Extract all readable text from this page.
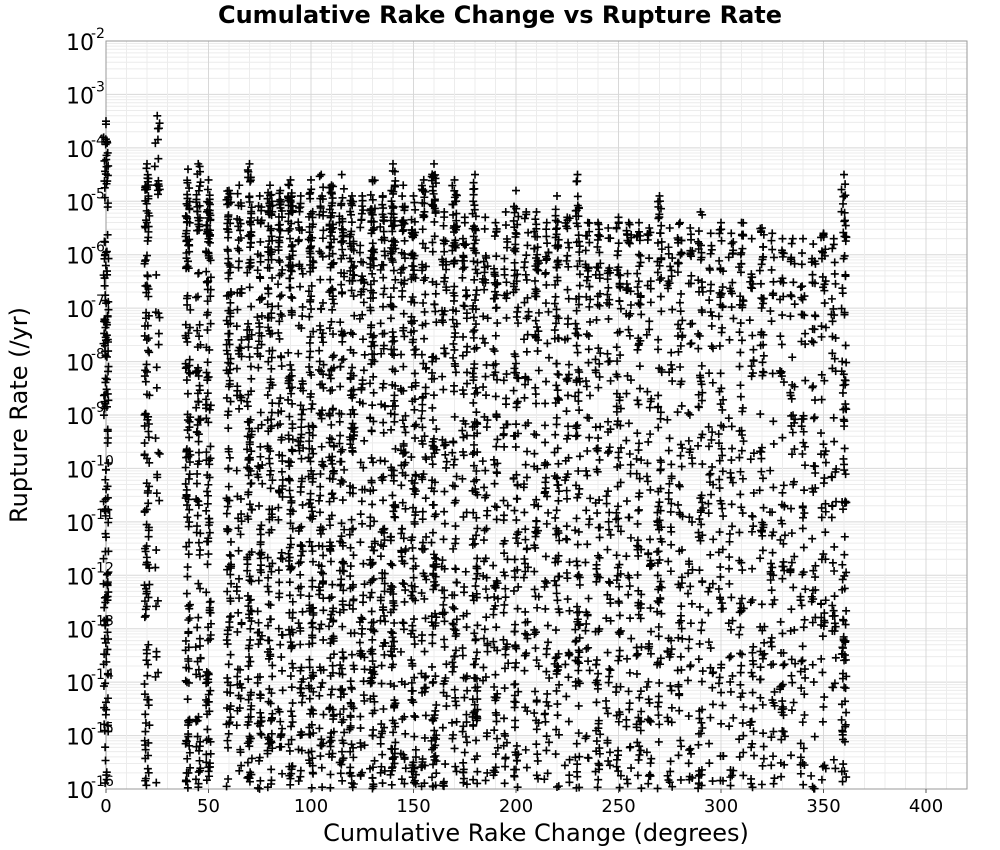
0	50	100	150	200	250	300	350	400
10
-2
10
-3
10
-4
10
-5
10
-6
10
-7
10
-8
10
-9
10
-10
10
-11
10
-12
10
-13
10
-14
10
-15
10
-16
Cumulative Rake Change vs Rupture Rate
Cumulative Rake Change (degrees)
Rupture Rate (/yr)
